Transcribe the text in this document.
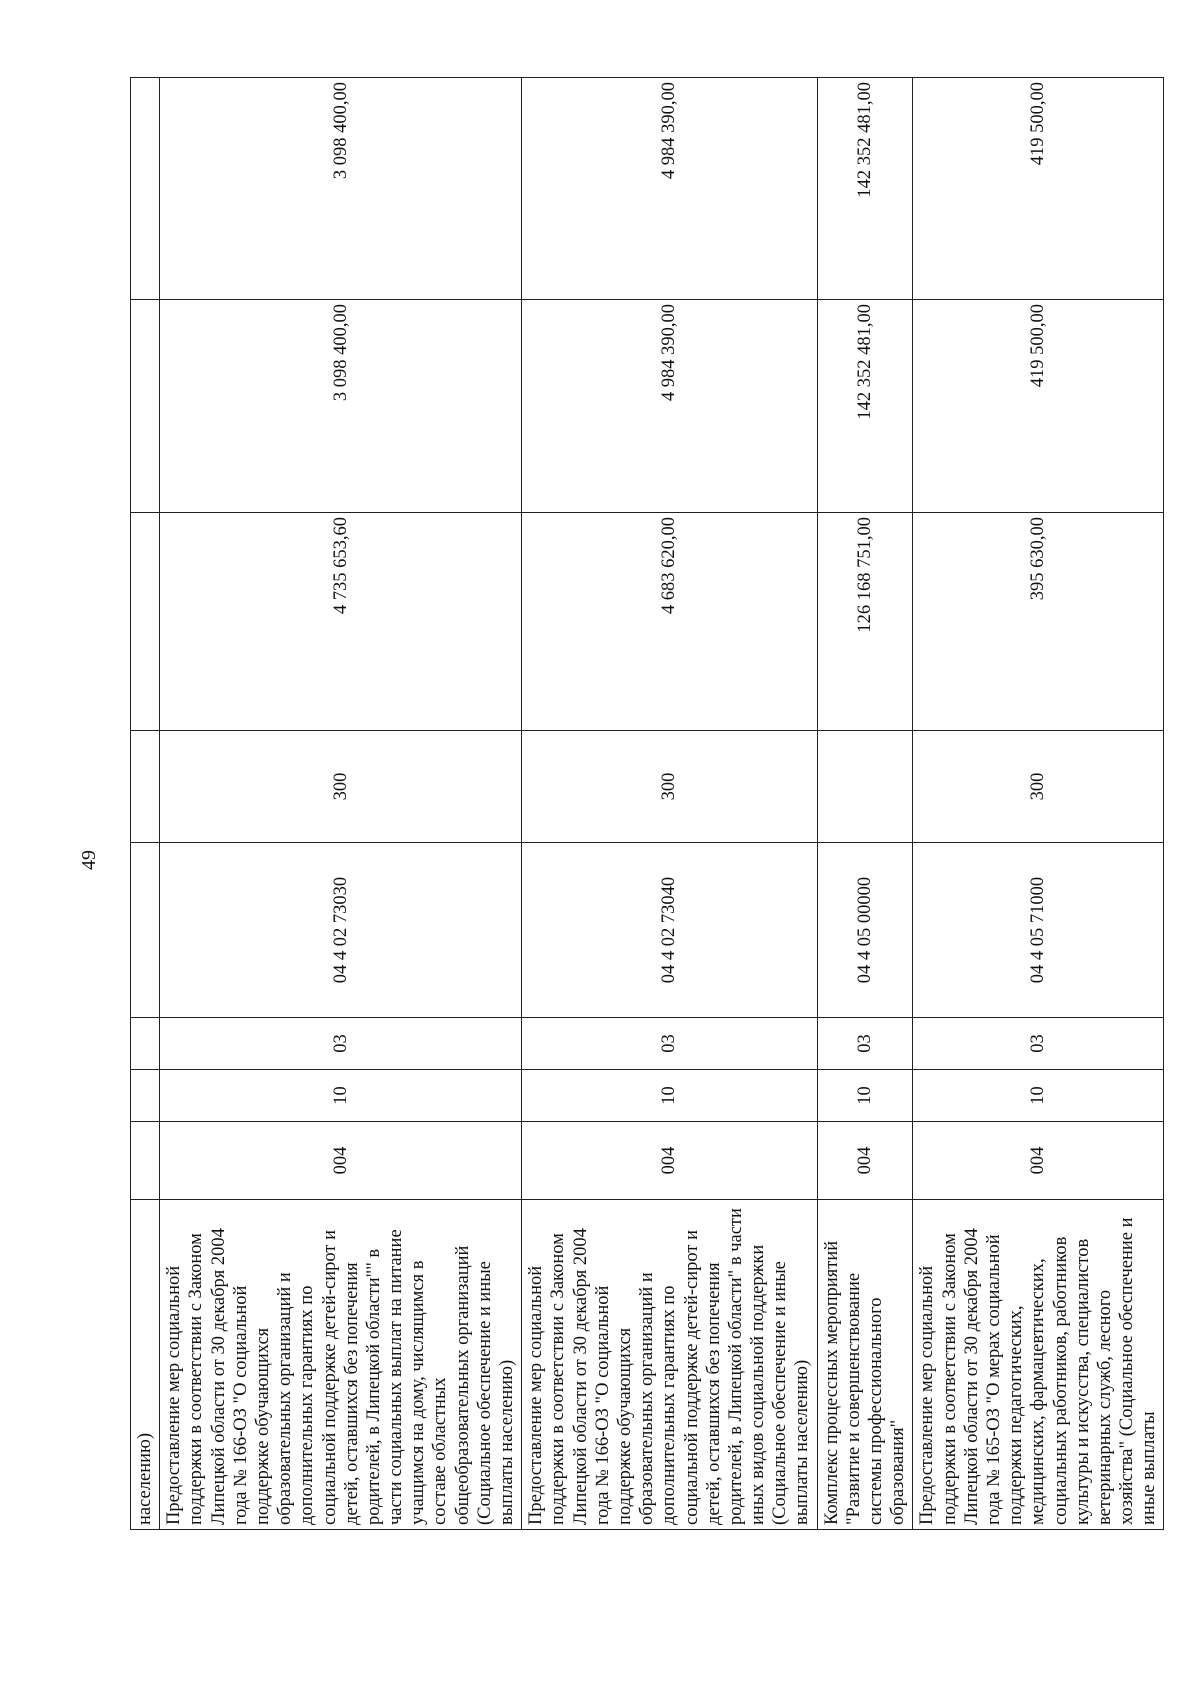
49
населению)								
Предоставление мер социальной поддержки в соответствии с Законом Липецкой области от 30 декабря 2004 года № 166-ОЗ "О социальной поддержке обучающихся образовательных организаций и дополнительных гарантиях по социальной поддержке детей-сирот и детей, оставшихся без попечения родителей, в Липецкой области"" в части социальных выплат на питание учащимся на дому, числящимся в составе областных общеобразовательных организаций (Социальное обеспечение и иные выплаты населению)	004	10	03	04 4 02 73030	300	4 735 653,60	3 098 400,00	3 098 400,00
Предоставление мер социальной поддержки в соответствии с Законом Липецкой области от 30 декабря 2004 года № 166-ОЗ "О социальной поддержке обучающихся образовательных организаций и дополнительных гарантиях по социальной поддержке детей-сирот и детей, оставшихся без попечения родителей, в Липецкой области" в части иных видов социальной поддержки (Социальное обеспечение и иные выплаты населению)	004	10	03	04 4 02 73040	300	4 683 620,00	4 984 390,00	4 984 390,00
Комплекс процессных мероприятий "Развитие и совершенствование системы профессионального образования"	004	10	03	04 4 05 00000		126 168 751,00	142 352 481,00	142 352 481,00
Предоставление мер социальной поддержки в соответствии с Законом Липецкой области от 30 декабря 2004 года № 165-ОЗ "О мерах социальной поддержки педагогических, медицинских, фармацевтических, социальных работников, работников культуры и искусства, специалистов ветеринарных служб, лесного хозяйства" (Социальное обеспечение и иные выплаты	004	10	03	04 4 05 71000	300	395 630,00	419 500,00	419 500,00
